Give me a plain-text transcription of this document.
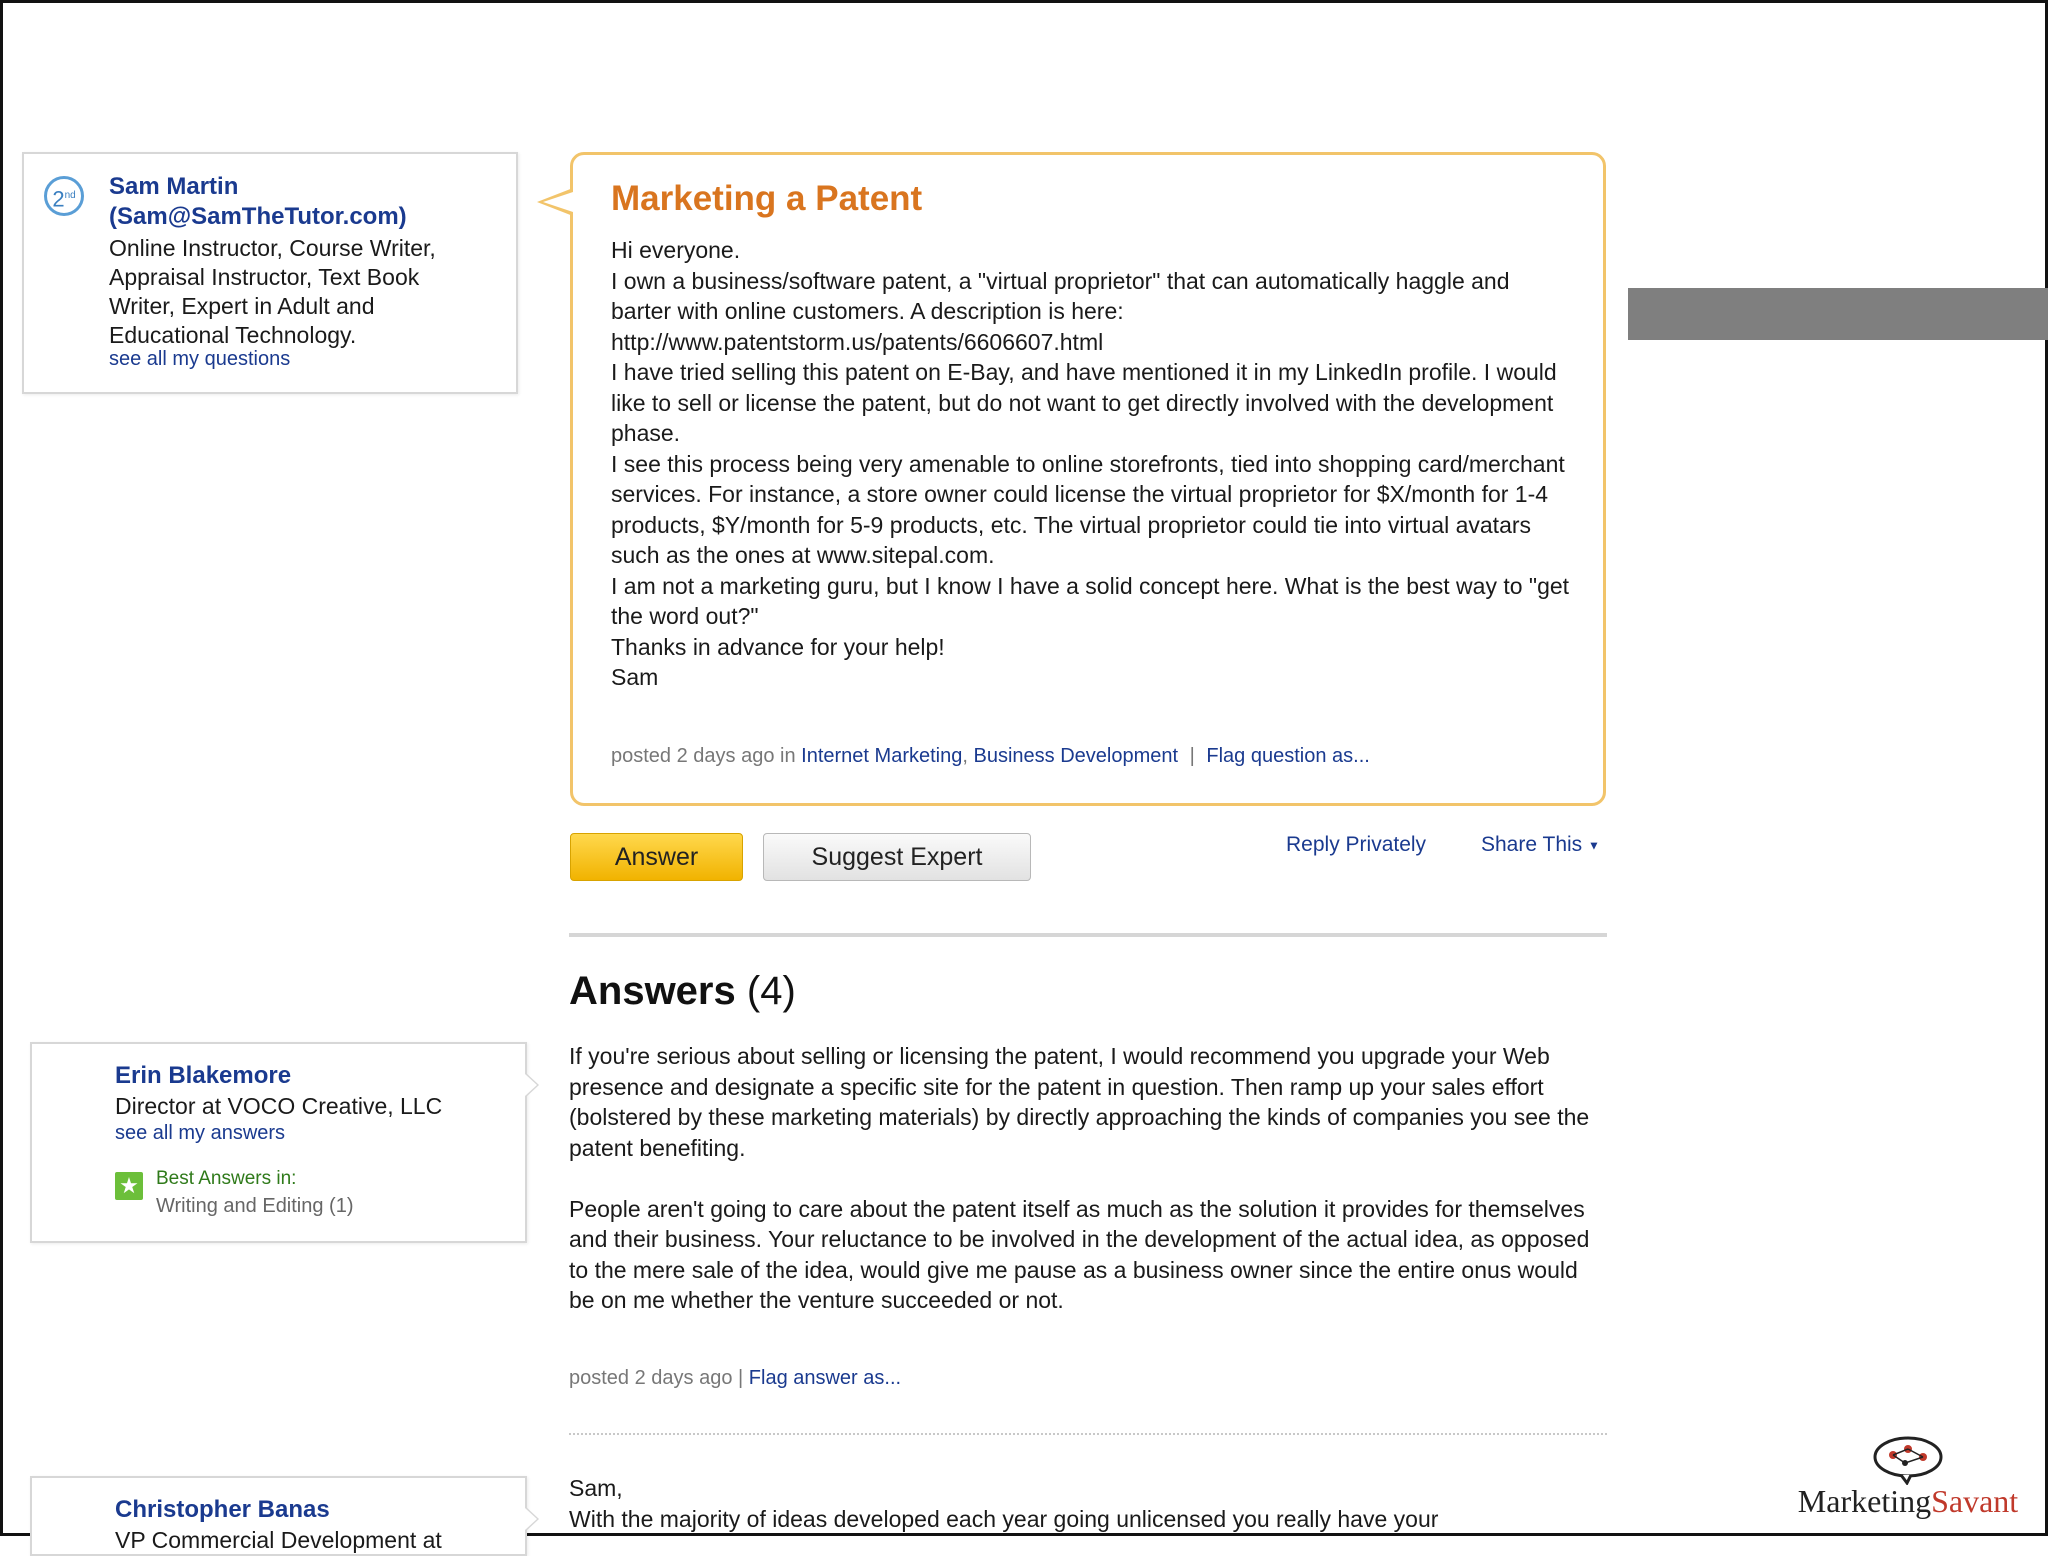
2nd	Sam Martin (Sam@SamTheTutor.com)
Online Instructor, Course Writer, Appraisal Instructor, Text Book Writer, Expert in Adult and Educational Technology.
see all my questions
Marketing a Patent

Hi everyone.

I own a business/software patent, a "virtual proprietor" that can automatically haggle and barter with online customers. A description is here:

http://www.patentstorm.us/patents/6606607.html

I have tried selling this patent on E-Bay, and have mentioned it in my LinkedIn profile. I would like to sell or license the patent, but do not want to get directly involved with the development phase.

I see this process being very amenable to online storefronts, tied into shopping card/merchant services. For instance, a store owner could license the virtual proprietor for $X/month for 1-4 products, $Y/month for 5-9 products, etc. The virtual proprietor could tie into virtual avatars such as the ones at www.sitepal.com.

I am not a marketing guru, but I know I have a solid concept here. What is the best way to "get the word out?"

Thanks in advance for your help!

Sam

posted 2 days ago in Internet Marketing, Business Development | Flag question as...
Answer	Suggest Expert	Reply Privately	Share This ▼
Answers (4)
Erin Blakemore
Director at VOCO Creative, LLC
see all my answers
★ Best Answers in:
Writing and Editing (1)

If you're serious about selling or licensing the patent, I would recommend you upgrade your Web presence and designate a specific site for the patent in question. Then ramp up your sales effort (bolstered by these marketing materials) by directly approaching the kinds of companies you see the patent benefiting.

People aren't going to care about the patent itself as much as the solution it provides for themselves and their business. Your reluctance to be involved in the development of the actual idea, as opposed to the mere sale of the idea, would give me pause as a business owner since the entire onus would be on me whether the venture succeeded or not.

posted 2 days ago | Flag answer as...
Christopher Banas
VP Commercial Development at

Sam,

With the majority of ideas developed each year going unlicensed you really have your	MarketingSavant
